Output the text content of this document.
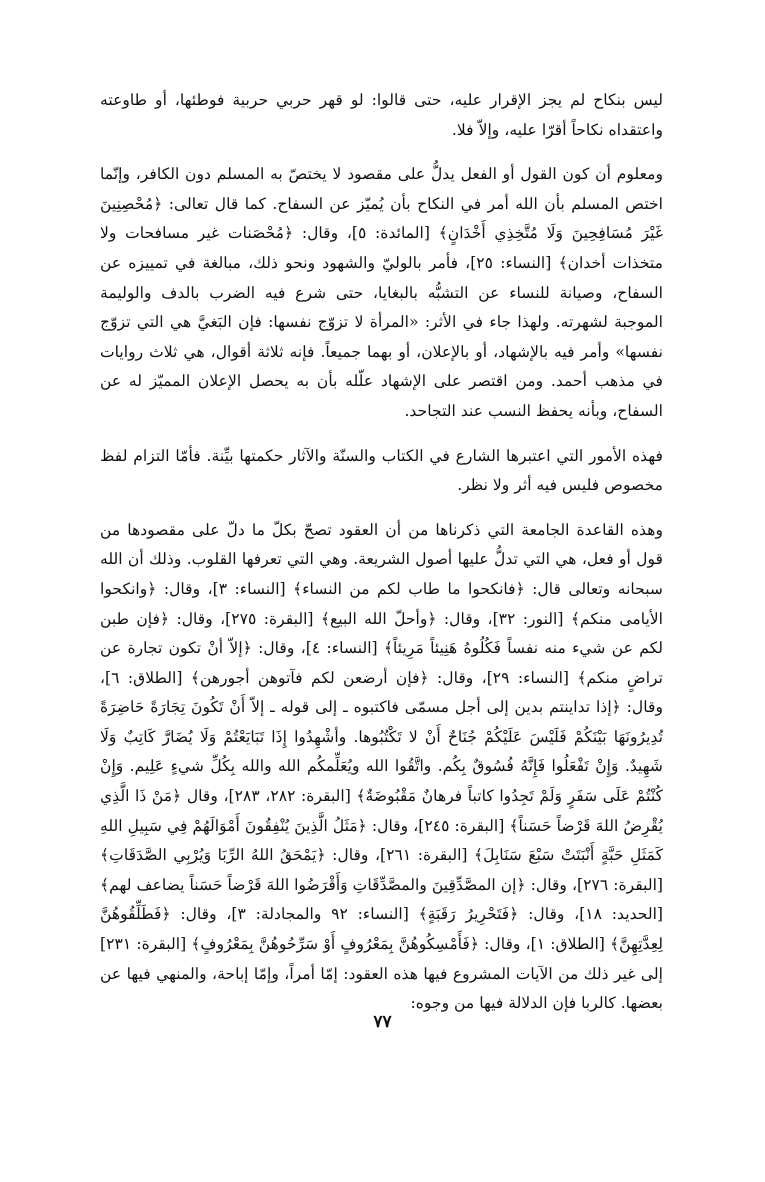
ليس بنكاح لم يجز الإقرار عليه، حتى قالوا: لو قهر حربي حربية فوطئها، أو طاوعته واعتقداه نكاحاً أقرّا عليه، وإلاّ فلا.

ومعلوم أن كون القول أو الفعل يدلُّ على مقصود لا يختصّ به المسلم دون الكافر، وإنّما اختص المسلم بأن الله أمر في النكاح بأن يُميّز عن السفاح. كما قال تعالى: ﴿مُحْصِنِينَ غَيْرَ مُسَافِحِينَ وَلَا مُتَّخِذِي أَخْدَانٍ﴾ [المائدة: ٥]، وقال: ﴿مُحْصَنات غير مسافحات ولا متخذات أخدان﴾ [النساء: ٢٥]، فأمر بالوليّ والشهود ونحو ذلك، مبالغة في تمييزه عن السفاح، وصيانة للنساء عن التشبُّه بالبغايا، حتى شرع فيه الضرب بالدف والوليمة الموجبة لشهرته. ولهذا جاء في الأثر: «المرأة لا تزوّج نفسها: فإن البَغيَّ هي التي تزوّج نفسها» وأمر فيه بالإشهاد، أو بالإعلان، أو بهما جميعاً. فإنه ثلاثة أقوال، هي ثلاث روايات في مذهب أحمد. ومن اقتصر على الإشهاد علّله بأن به يحصل الإعلان المميّز له عن السفاح، وبأنه يحفظ النسب عند التجاحد.

فهذه الأمور التي اعتبرها الشارع في الكتاب والسنّة والآثار حكمتها بيِّنة. فأمّا التزام لفظ مخصوص فليس فيه أثر ولا نظر.

وهذه القاعدة الجامعة التي ذكرناها من أن العقود تصحّ بكلّ ما دلّ على مقصودها من قول أو فعل، هي التي تدلُّ عليها أصول الشريعة. وهي التي تعرفها القلوب. وذلك أن الله سبحانه وتعالى قال: ﴿فانكحوا ما طاب لكم من النساء﴾ [النساء: ٣]، وقال: ﴿وانكحوا الأيامى منكم﴾ [النور: ٣٢]، وقال: ﴿وأحلّ الله البيع﴾ [البقرة: ٢٧٥]، وقال: ﴿فإن طبن لكم عن شيء منه نفساً فَكُلُوهُ هَنِيئاً مَرِيئاً﴾ [النساء: ٤]، وقال: ﴿إلاّ أنْ تكون تجارة عن تراضٍ منكم﴾ [النساء: ٢٩]، وقال: ﴿فإن أرضعن لكم فآتوهن أجورهن﴾ [الطلاق: ٦]، وقال: ﴿إذا تداينتم بدين إلى أجل مسمّى فاكتبوه ـ إلى قوله ـ إلاّ أَنْ تَكُونَ تِجَارَةً حَاضِرَةً تُدِيرُونَهَا بَيْنَكُمْ فَلَيْسَ عَلَيْكُمْ جُنَاحٌ أَنْ لا تَكْتُبُوها. وأشْهِدُوا إِذَا تَبَايَعْتُمْ وَلَا يُضَارَّ كَاتِبٌ وَلَا شَهِيدٌ. وَإِنْ تَفْعَلُوا فَإِنَّهُ فُسُوقٌ بِكُم. واتَّقُوا الله ويُعَلِّمكُم الله والله بِكُلِّ شيءٍ عَلِيم. وَإِنْ كُنْتُمْ عَلَى سَفَرٍ وَلَمْ تَجِدُوا كاتباً فرهانٌ مَقْبُوضَةٌ﴾ [البقرة: ٢٨٢، ٢٨٣]، وقال ﴿مَنْ ذَا الَّذِي يُقْرِضُ اللهَ قَرْضاً حَسَناً﴾ [البقرة: ٢٤٥]، وقال: ﴿مَثَلُ الَّذِينَ يُنْفِقُونَ أَمْوَالَهُمْ فِي سَبِيلِ اللهِ كَمَثَلِ حَبَّةٍ أَنْبَتَتْ سَبْعَ سَنَابِلَ﴾ [البقرة: ٢٦١]، وقال: ﴿يَمْحَقُ اللهُ الرِّبَا وَيُرْبِي الصَّدَقَاتِ﴾ [البقرة: ٢٧٦]، وقال: ﴿إن المصَّدِّقِينَ والمصَّدِّقَاتِ وَأَقْرَضُوا اللهَ قَرْضاً حَسَناً يضاعف لهم﴾ [الحديد: ١٨]، وقال: ﴿فَتَحْرِيرُ رَقَبَةٍ﴾ [النساء: ٩٢ والمجادلة: ٣]، وقال: ﴿فَطَلِّقُوهُنَّ لِعِدَّتِهِنَّ﴾ [الطلاق: ١]، وقال: ﴿فَأَمْسِكُوهُنَّ بِمَعْرُوفٍ أَوْ سَرِّحُوهُنَّ بِمَعْرُوفٍ﴾ [البقرة: ٢٣١] إلى غير ذلك من الآيات المشروع فيها هذه العقود: إمّا أمراً، وإمّا إباحة، والمنهي فيها عن بعضها. كالربا فإن الدلالة فيها من وجوه:

٧٧
